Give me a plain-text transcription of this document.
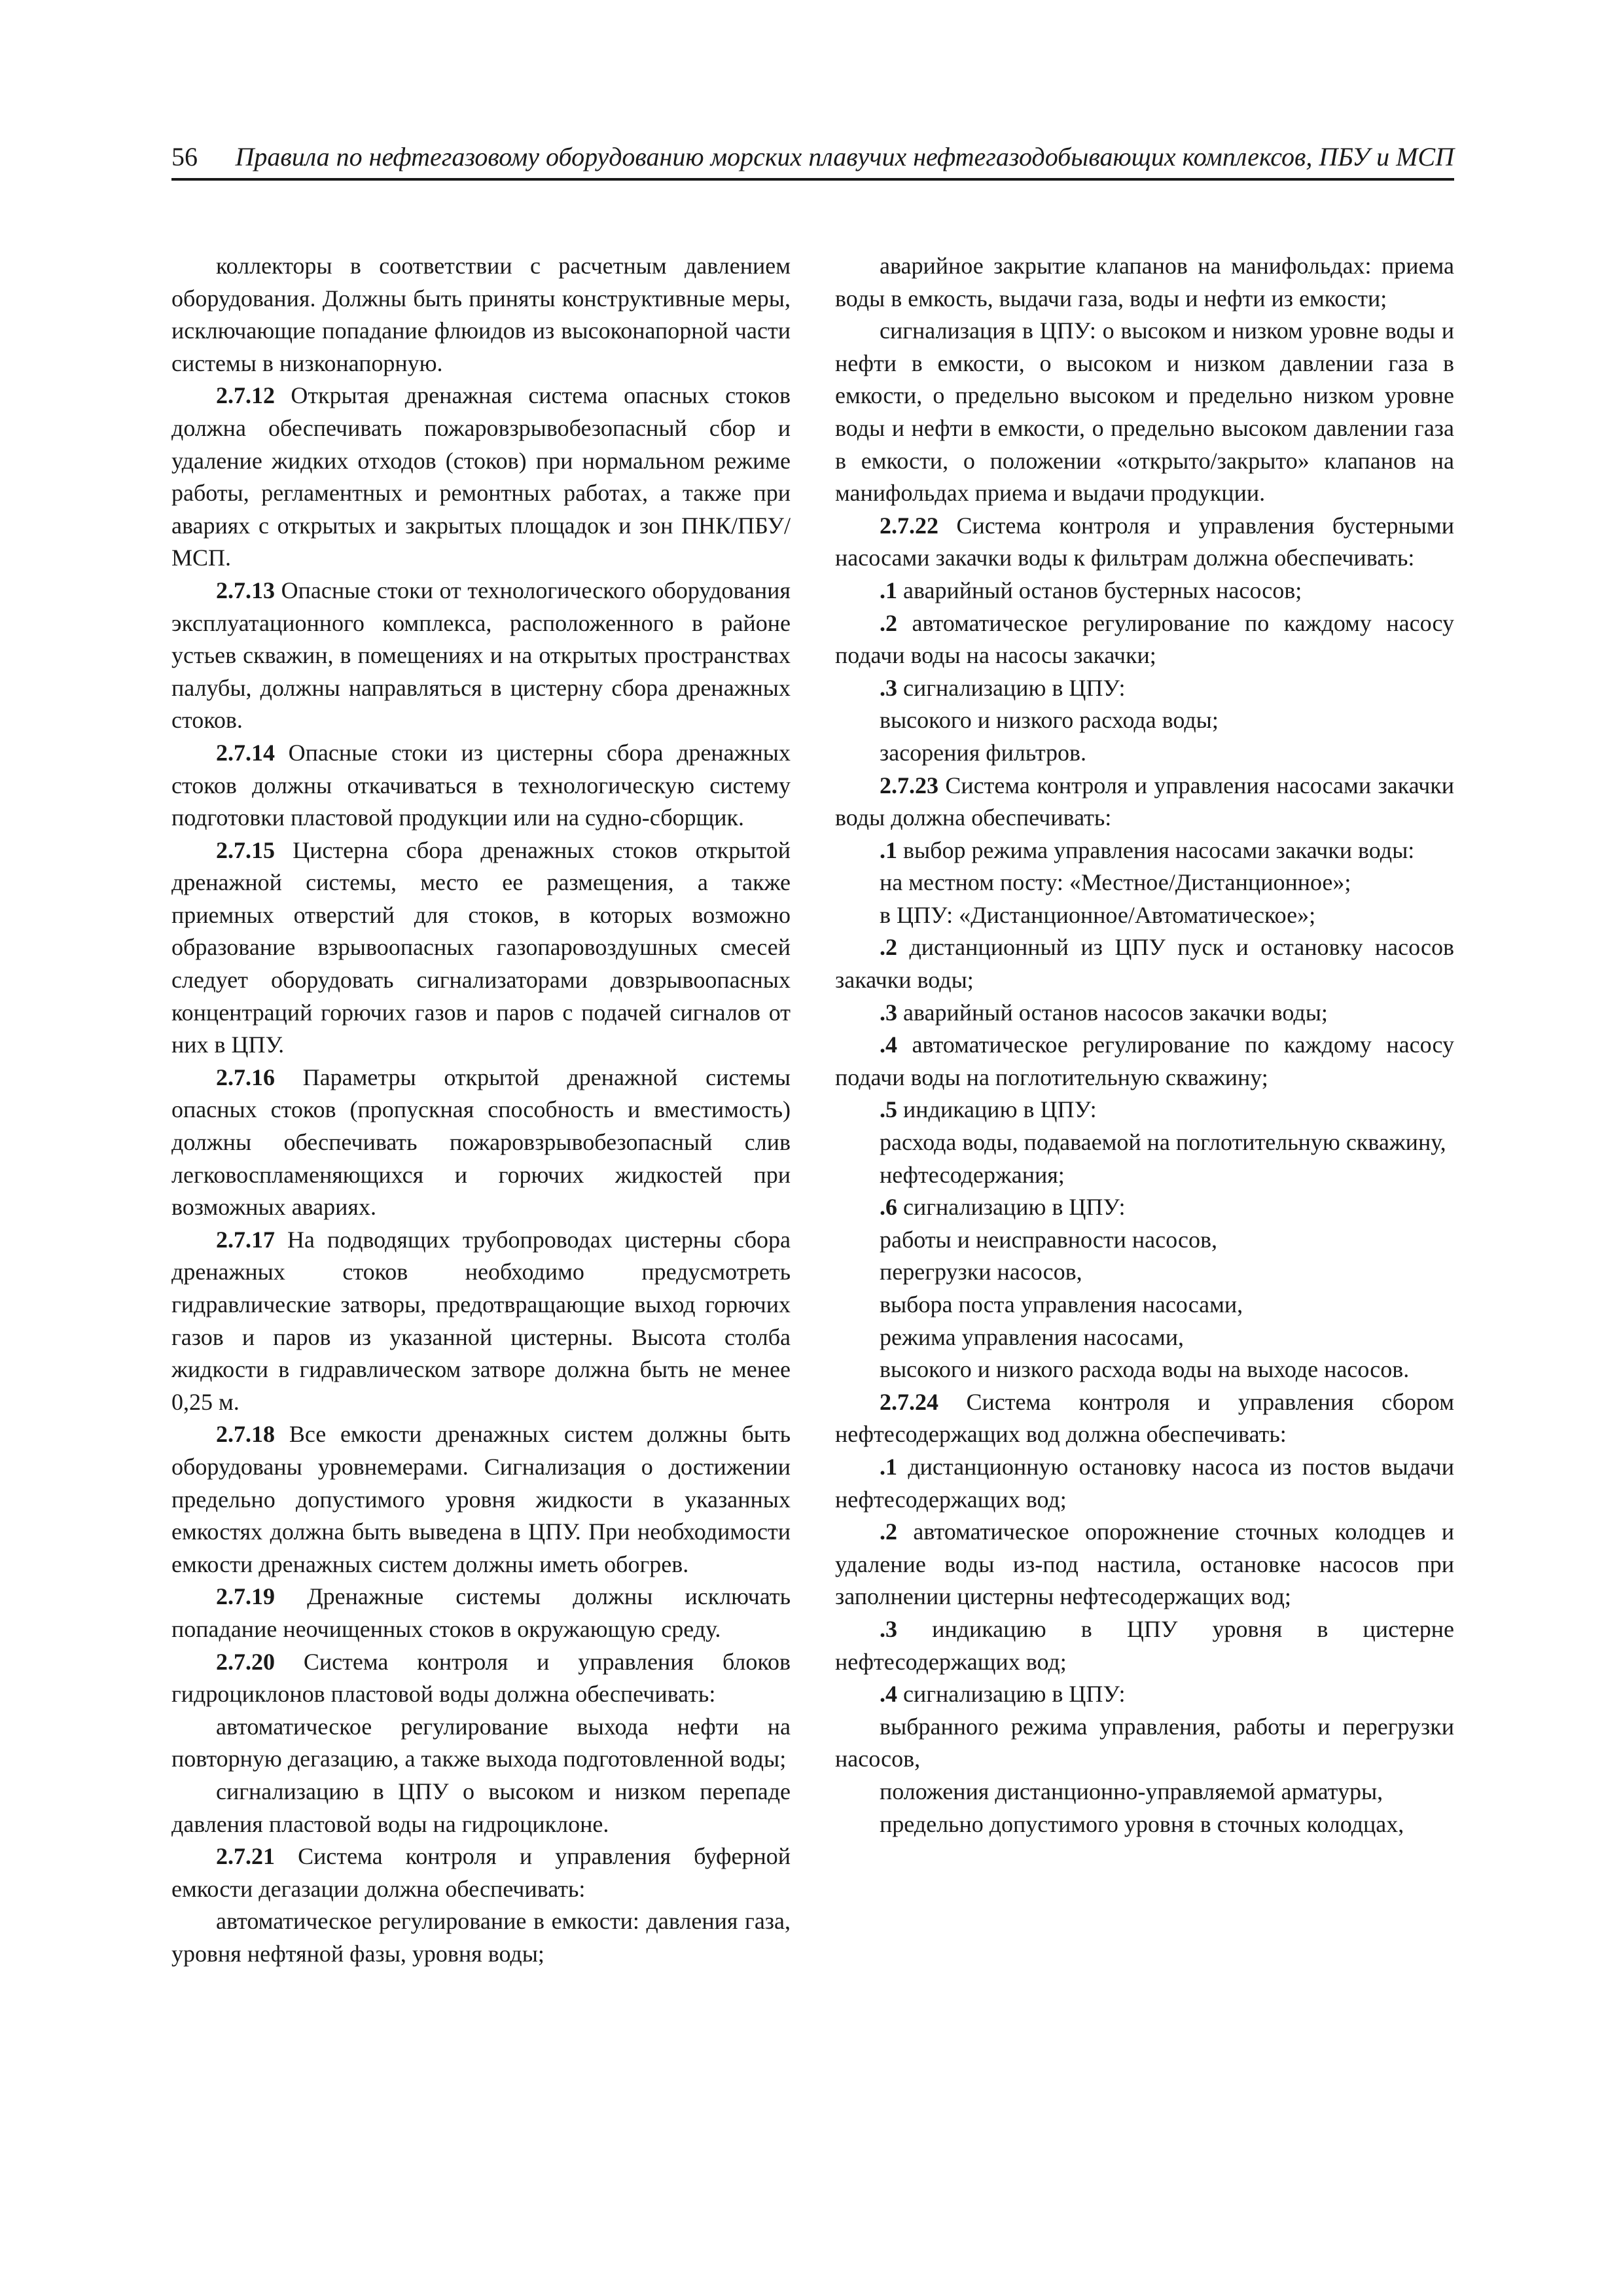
56 Правила по нефтегазовому оборудованию морских плавучих нефтегазодобывающих комплексов, ПБУ и МСП

коллекторы в соответствии с расчетным давлением оборудования. Должны быть приняты конструктивные меры, исключающие попадание флюидов из высоконапорной части системы в низконапорную.

2.7.12 Открытая дренажная система опасных стоков должна обеспечивать пожаровзрывобезопасный сбор и удаление жидких отходов (стоков) при нормальном режиме работы, регламентных и ремонтных работах, а также при авариях с открытых и закрытых площадок и зон ПНК/ПБУ/МСП.

2.7.13 Опасные стоки от технологического оборудования эксплуатационного комплекса, расположенного в районе устьев скважин, в помещениях и на открытых пространствах палубы, должны направляться в цистерну сбора дренажных стоков.

2.7.14 Опасные стоки из цистерны сбора дренажных стоков должны откачиваться в технологическую систему подготовки пластовой продукции или на судно-сборщик.

2.7.15 Цистерна сбора дренажных стоков открытой дренажной системы, место ее размещения, а также приемных отверстий для стоков, в которых возможно образование взрывоопасных газопаровоздушных смесей следует оборудовать сигнализаторами довзрывоопасных концентраций горючих газов и паров с подачей сигналов от них в ЦПУ.

2.7.16 Параметры открытой дренажной системы опасных стоков (пропускная способность и вместимость) должны обеспечивать пожаровзрывобезопасный слив легковоспламеняющихся и горючих жидкостей при возможных авариях.

2.7.17 На подводящих трубопроводах цистерны сбора дренажных стоков необходимо предусмотреть гидравлические затворы, предотвращающие выход горючих газов и паров из указанной цистерны. Высота столба жидкости в гидравлическом затворе должна быть не менее 0,25 м.

2.7.18 Все емкости дренажных систем должны быть оборудованы уровнемерами. Сигнализация о достижении предельно допустимого уровня жидкости в указанных емкостях должна быть выведена в ЦПУ. При необходимости емкости дренажных систем должны иметь обогрев.

2.7.19 Дренажные системы должны исключать попадание неочищенных стоков в окружающую среду.

2.7.20 Система контроля и управления блоков гидроциклонов пластовой воды должна обеспечивать:

автоматическое регулирование выхода нефти на повторную дегазацию, а также выхода подготовленной воды;

сигнализацию в ЦПУ о высоком и низком перепаде давления пластовой воды на гидроциклоне.

2.7.21 Система контроля и управления буферной емкости дегазации должна обеспечивать:

автоматическое регулирование в емкости: давления газа, уровня нефтяной фазы, уровня воды;

аварийное закрытие клапанов на манифольдах: приема воды в емкость, выдачи газа, воды и нефти из емкости;

сигнализация в ЦПУ: о высоком и низком уровне воды и нефти в емкости, о высоком и низком давлении газа в емкости, о предельно высоком и предельно низком уровне воды и нефти в емкости, о предельно высоком давлении газа в емкости, о положении «открыто/закрыто» клапанов на манифольдах приема и выдачи продукции.

2.7.22 Система контроля и управления бустерными насосами закачки воды к фильтрам должна обеспечивать:

.1 аварийный останов бустерных насосов;

.2 автоматическое регулирование по каждому насосу подачи воды на насосы закачки;

.3 сигнализацию в ЦПУ:

высокого и низкого расхода воды;

засорения фильтров.

2.7.23 Система контроля и управления насосами закачки воды должна обеспечивать:

.1 выбор режима управления насосами закачки воды:

на местном посту: «Местное/Дистанционное»;

в ЦПУ: «Дистанционное/Автоматическое»;

.2 дистанционный из ЦПУ пуск и остановку насосов закачки воды;

.3 аварийный останов насосов закачки воды;

.4 автоматическое регулирование по каждому насосу подачи воды на поглотительную скважину;

.5 индикацию в ЦПУ:

расхода воды, подаваемой на поглотительную скважину,

нефтесодержания;

.6 сигнализацию в ЦПУ:

работы и неисправности насосов,

перегрузки насосов,

выбора поста управления насосами,

режима управления насосами,

высокого и низкого расхода воды на выходе насосов.

2.7.24 Система контроля и управления сбором нефтесодержащих вод должна обеспечивать:

.1 дистанционную остановку насоса из постов выдачи нефтесодержащих вод;

.2 автоматическое опорожнение сточных колодцев и удаление воды из-под настила, остановке насосов при заполнении цистерны нефтесодержащих вод;

.3 индикацию в ЦПУ уровня в цистерне нефтесодержащих вод;

.4 сигнализацию в ЦПУ:

выбранного режима управления, работы и перегрузки насосов,

положения дистанционно-управляемой арматуры,

предельно допустимого уровня в сточных колодцах,
